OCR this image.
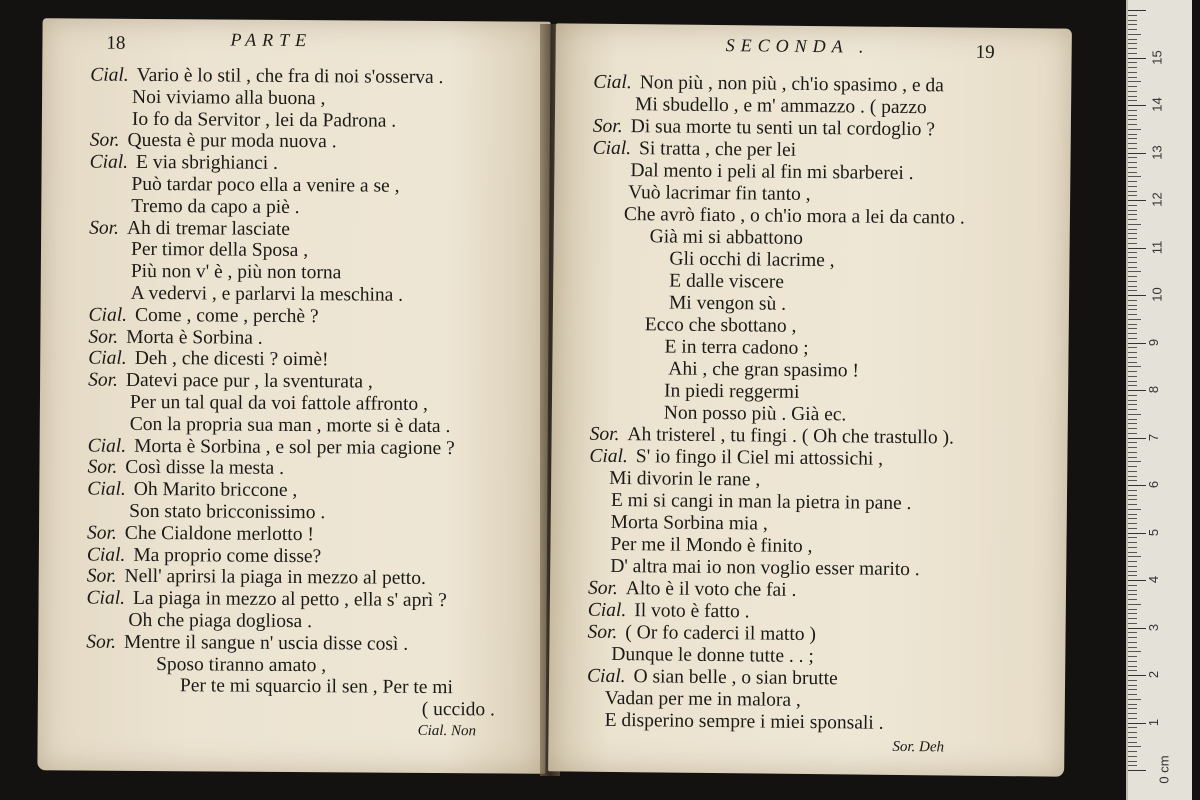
18	PARTE
Cial. Vario è lo stil , che fra di noi s'osserva .
Noi viviamo alla buona ,
Io fo da Servitor , lei da Padrona .
Sor. Questa è pur moda nuova .
Cial. E via sbrighianci .
Può tardar poco ella a venire a se ,
Tremo da capo a piè .
Sor. Ah di tremar lasciate
Per timor della Sposa ,
Più non v' è , più non torna
A vedervi , e parlarvi la meschina .
Cial. Come , come , perchè ?
Sor. Morta è Sorbina .
Cial. Deh , che dicesti ? oimè!
Sor. Datevi pace pur , la sventurata ,
Per un tal qual da voi fattole affronto ,
Con la propria sua man , morte si è data .
Cial. Morta è Sorbina , e sol per mia cagione ?
Sor. Così disse la mesta .
Cial. Oh Marito briccone ,
Son stato bricconissimo .
Sor. Che Cialdone merlotto !
Cial. Ma proprio come disse?
Sor. Nell' aprirsi la piaga in mezzo al petto.
Cial. La piaga in mezzo al petto , ella s' aprì ?
Oh che piaga dogliosa .
Sor. Mentre il sangue n' uscia disse così .
Sposo tiranno amato ,
Per te mi squarcio il sen , Per te mi
( uccido .
Cial. Non
SECONDA .	19
Cial. Non più , non più , ch'io spasimo , e da
Mi sbudello , e m' ammazzo . ( pazzo
Sor. Di sua morte tu senti un tal cordoglio ?
Cial. Si tratta , che per lei
Dal mento i peli al fin mi sbarberei .
Vuò lacrimar fin tanto ,
Che avrò fiato , o ch'io mora a lei da canto .
Già mi si abbattono
Gli occhi di lacrime ,
E dalle viscere
Mi vengon sù .
Ecco che sbottano ,
E in terra cadono ;
Ahi , che gran spasimo !
In piedi reggermi
Non posso più . Già ec.
Sor. Ah tristerel , tu fingi . ( Oh che trastullo ).
Cial. S' io fingo il Ciel mi attossichi ,
Mi divorin le rane ,
E mi si cangi in man la pietra in pane .
Morta Sorbina mia ,
Per me il Mondo è finito ,
D' altra mai io non voglio esser marito .
Sor. Alto è il voto che fai .
Cial. Il voto è fatto .
Sor. ( Or fo caderci il matto )
Dunque le donne tutte . . ;
Cial. O sian belle , o sian brutte
Vadan per me in malora ,
E disperino sempre i miei sponsali .
Sor. Deh
0 cm
1
2
3
4
5
6
7
8
9
10
11
12
13
14
15
